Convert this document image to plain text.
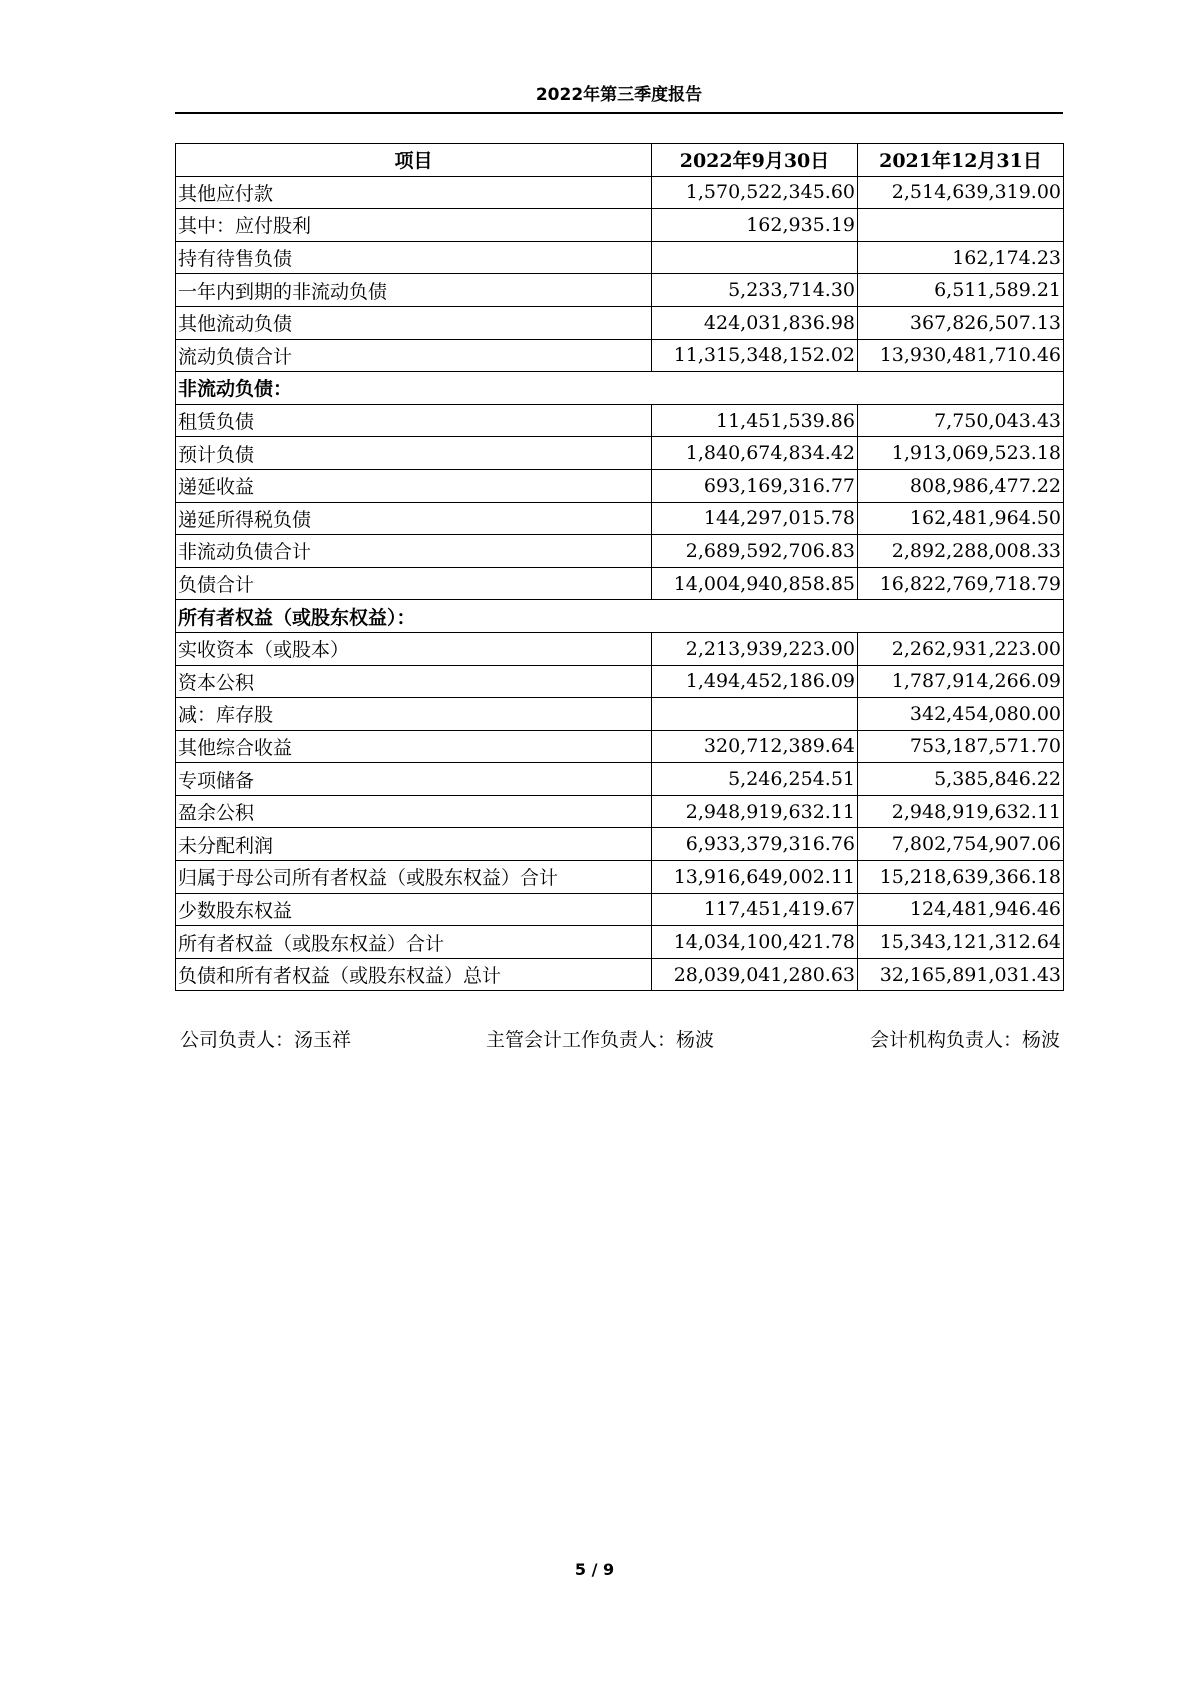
2022年第三季度报告
项目	2022年9月30日	2021年12月31日
其他应付款	1,570,522,345.60	2,514,639,319.00
其中：应付股利	162,935.19	
持有待售负债		162,174.23
一年内到期的非流动负债	5,233,714.30	6,511,589.21
其他流动负债	424,031,836.98	367,826,507.13
流动负债合计	11,315,348,152.02	13,930,481,710.46
非流动负债：		
租赁负债	11,451,539.86	7,750,043.43
预计负债	1,840,674,834.42	1,913,069,523.18
递延收益	693,169,316.77	808,986,477.22
递延所得税负债	144,297,015.78	162,481,964.50
非流动负债合计	2,689,592,706.83	2,892,288,008.33
负债合计	14,004,940,858.85	16,822,769,718.79
所有者权益（或股东权益）：		
实收资本（或股本）	2,213,939,223.00	2,262,931,223.00
资本公积	1,494,452,186.09	1,787,914,266.09
减：库存股		342,454,080.00
其他综合收益	320,712,389.64	753,187,571.70
专项储备	5,246,254.51	5,385,846.22
盈余公积	2,948,919,632.11	2,948,919,632.11
未分配利润	6,933,379,316.76	7,802,754,907.06
归属于母公司所有者权益（或股东权益）合计	13,916,649,002.11	15,218,639,366.18
少数股东权益	117,451,419.67	124,481,946.46
所有者权益（或股东权益）合计	14,034,100,421.78	15,343,121,312.64
负债和所有者权益（或股东权益）总计	28,039,041,280.63	32,165,891,031.43
公司负责人：汤玉祥	主管会计工作负责人：杨波	会计机构负责人：杨波
5 / 9
